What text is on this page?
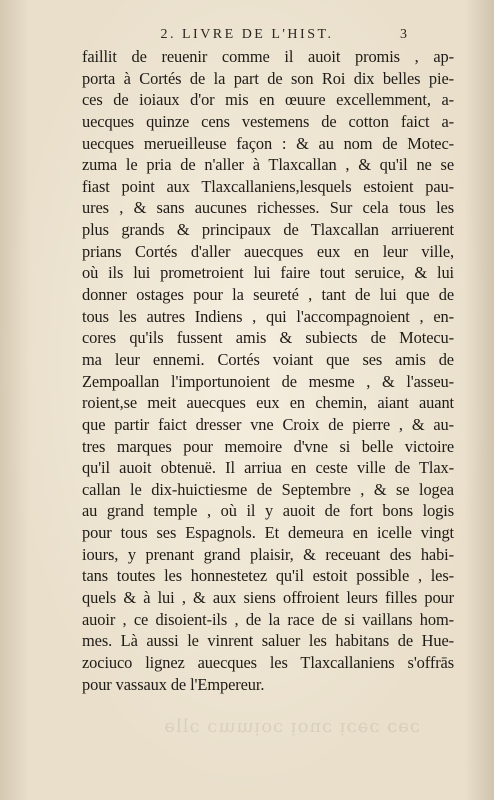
ɔǝɔ ɔǝɔᴉ ɔnoᴉ ɔoᴉɯɯɔ ɔllǝ
2. LIVRE DE L'HIST.	3
faillit de reuenir comme il auoit promis , ap-
porta à Cortés de la part de son Roi dix belles pie-
ces de ioiaux d'or mis en œuure excellemment, a-
uecques quinze cens vestemens de cotton faict a-
uecques merueilleuse façon : & au nom de Motec-
zuma le pria de n'aller à Tlaxcallan , & qu'il ne se
fiast point aux Tlaxcallaniens,lesquels estoient pau-
ures , & sans aucunes richesses. Sur cela tous les
plus grands & principaux de Tlaxcallan arriuerent
prians Cortés d'aller auecques eux en leur ville,
où ils lui prometroient lui faire tout seruice, & lui
donner ostages pour la seureté , tant de lui que de
tous les autres Indiens , qui l'accompagnoient , en-
cores qu'ils fussent amis & subiects de Motecu-
ma leur ennemi. Cortés voiant que ses amis de
Zempoallan l'importunoient de mesme , & l'asseu-
roient,se meit auecques eux en chemin, aiant auant
que partir faict dresser vne Croix de pierre , & au-
tres marques pour memoire d'vne si belle victoire
qu'il auoit obtenuë. Il arriua en ceste ville de Tlax-
callan le dix-huictiesme de Septembre , & se logea
au grand temple , où il y auoit de fort bons logis
pour tous ses Espagnols. Et demeura en icelle vingt
iours, y prenant grand plaisir, & receuant des habi-
tans toutes les honnestetez qu'il estoit possible , les-
quels & à lui , & aux siens offroient leurs filles pour
auoir , ce disoient-ils , de la race de si vaillans hom-
mes. Là aussi le vinrent saluer les habitans de Hue-
zociuco lignez auecques les Tlaxcallaniens s'offrās
pour vassaux de l'Empereur.
